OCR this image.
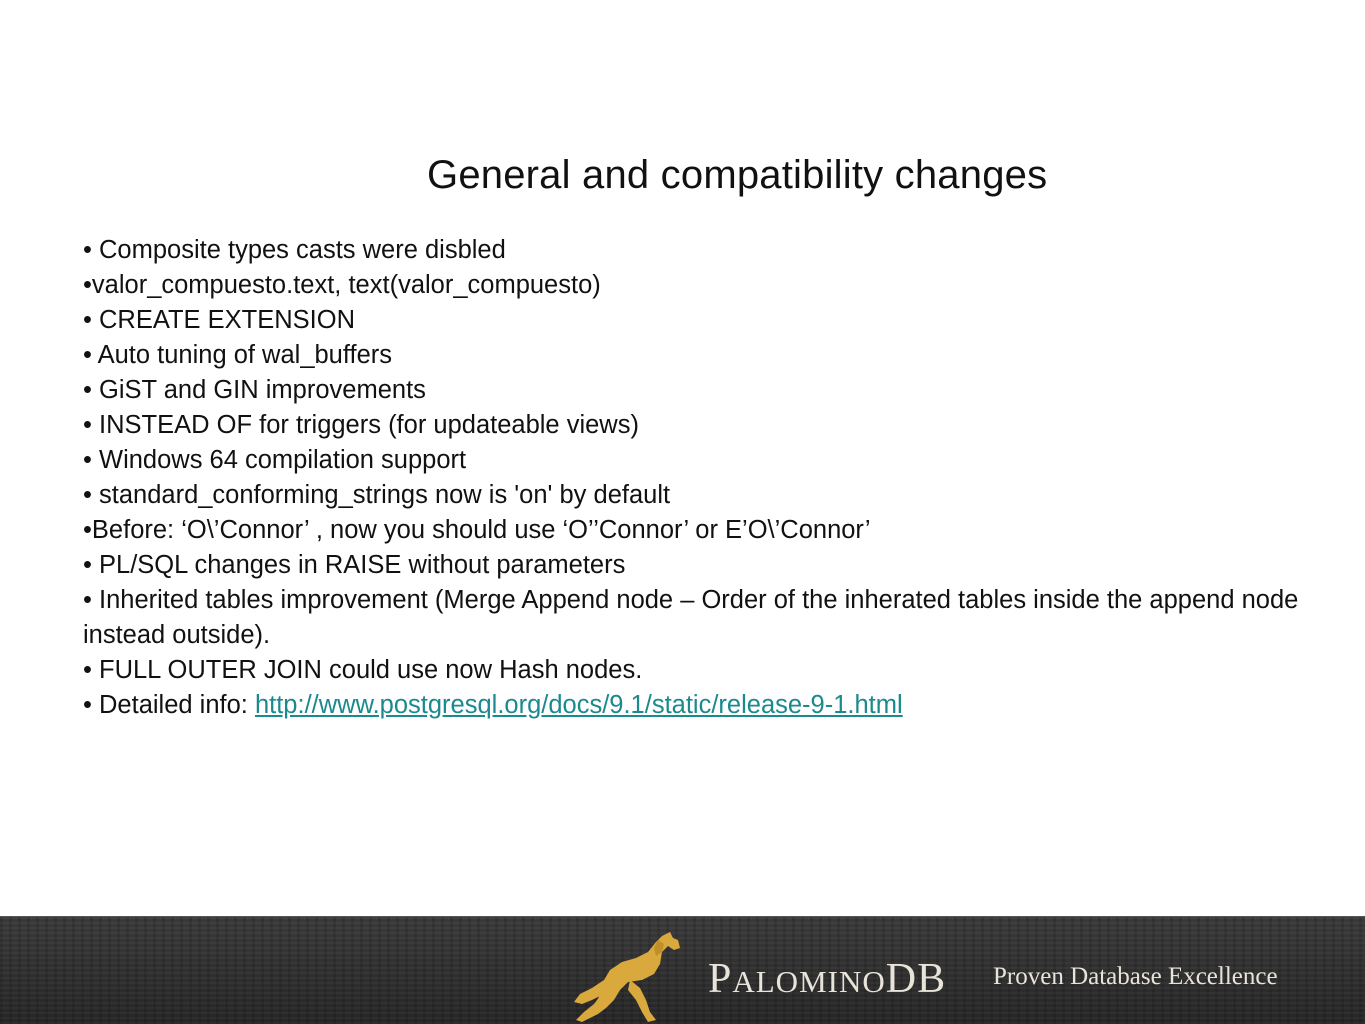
General and compatibility changes
• Composite types casts were disbled
•valor_compuesto.text, text(valor_compuesto)
• CREATE EXTENSION
• Auto tuning of wal_buffers
• GiST and GIN improvements
• INSTEAD OF for triggers (for updateable views)
• Windows 64 compilation support
• standard_conforming_strings now is 'on' by default
•Before: ‘O\’Connor’ , now you should use ‘O’’Connor’ or E’O\’Connor’
• PL/SQL changes in RAISE without parameters
• Inherited tables improvement (Merge Append node – Order of the inherated tables inside the append node instead outside).
• FULL OUTER JOIN could use now Hash nodes.
• Detailed info: http://www.postgresql.org/docs/9.1/static/release-9-1.html
PALOMINODB Proven Database Excellence
